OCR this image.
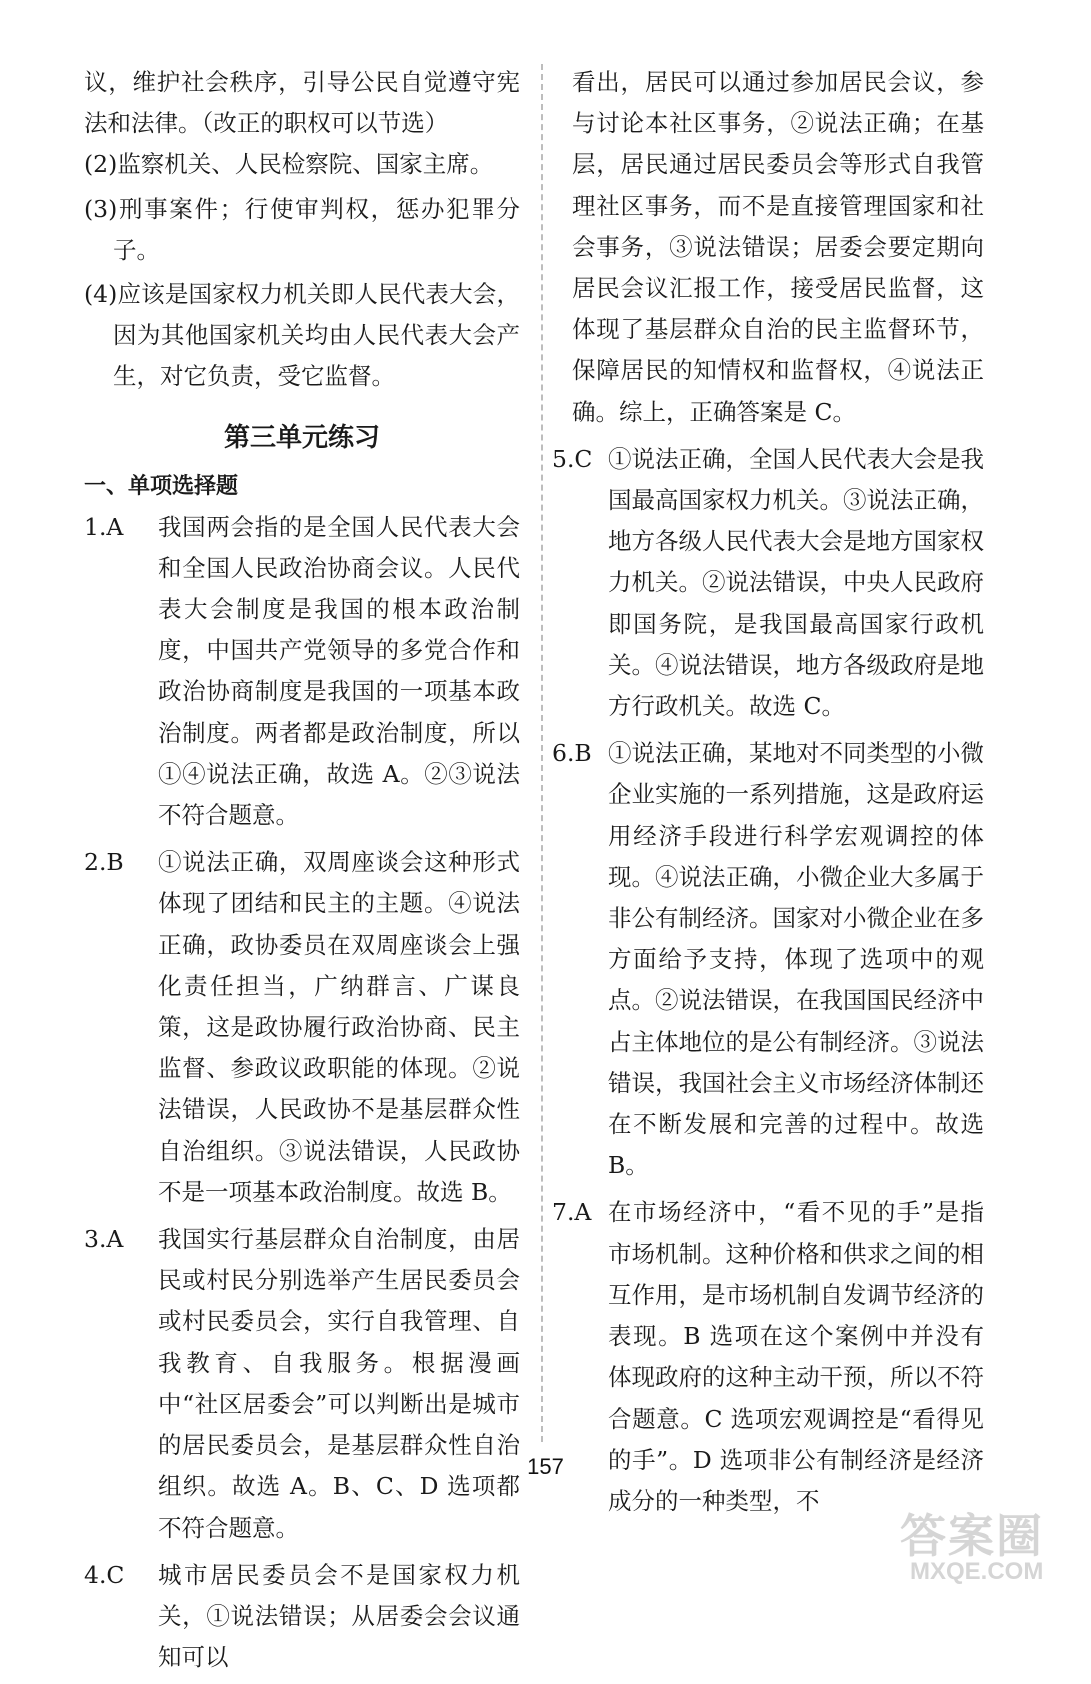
议，维护社会秩序，引导公民自觉遵守宪法和法律。（改正的职权可以节选）

(2)监察机关、人民检察院、国家主席。

(3)刑事案件；行使审判权，惩办犯罪分子。

(4)应该是国家权力机关即人民代表大会，因为其他国家机关均由人民代表大会产生，对它负责，受它监督。

第三单元练习

一、单项选择题

1.A	我国两会指的是全国人民代表大会和全国人民政治协商会议。人民代表大会制度是我国的根本政治制度，中国共产党领导的多党合作和政治协商制度是我国的一项基本政治制度。两者都是政治制度，所以①④说法正确，故选 A。②③说法不符合题意。
2.B	①说法正确，双周座谈会这种形式体现了团结和民主的主题。④说法正确，政协委员在双周座谈会上强化责任担当，广纳群言、广谋良策，这是政协履行政治协商、民主监督、参政议政职能的体现。②说法错误，人民政协不是基层群众性自治组织。③说法错误，人民政协不是一项基本政治制度。故选 B。
3.A	我国实行基层群众自治制度，由居民或村民分别选举产生居民委员会或村民委员会，实行自我管理、自我教育、自我服务。根据漫画中“社区居委会”可以判断出是城市的居民委员会，是基层群众性自治组织。故选 A。B、C、D 选项都不符合题意。
4.C	城市居民委员会不是国家权力机关，①说法错误；从居委会会议通知可以

看出，居民可以通过参加居民会议，参与讨论本社区事务，②说法正确；在基层，居民通过居民委员会等形式自我管理社区事务，而不是直接管理国家和社会事务，③说法错误；居委会要定期向居民会议汇报工作，接受居民监督，这体现了基层群众自治的民主监督环节，保障居民的知情权和监督权，④说法正确。综上，正确答案是 C。

5.C ①说法正确，全国人民代表大会是我国最高国家权力机关。③说法正确，地方各级人民代表大会是地方国家权力机关。②说法错误，中央人民政府即国务院，是我国最高国家行政机关。④说法错误，地方各级政府是地方行政机关。故选 C。
6.B ①说法正确，某地对不同类型的小微企业实施的一系列措施，这是政府运用经济手段进行科学宏观调控的体现。④说法正确，小微企业大多属于非公有制经济。国家对小微企业在多方面给予支持，体现了选项中的观点。②说法错误，在我国国民经济中占主体地位的是公有制经济。③说法错误，我国社会主义市场经济体制还在不断发展和完善的过程中。故选 B。
7.A 在市场经济中，“看不见的手”是指市场机制。这种价格和供求之间的相互作用，是市场机制自发调节经济的表现。B 选项在这个案例中并没有体现政府的这种主动干预，所以不符合题意。C 选项宏观调控是“看得见的手”。D 选项非公有制经济是经济成分的一种类型，不
157
答案圈
MXQE.COM
